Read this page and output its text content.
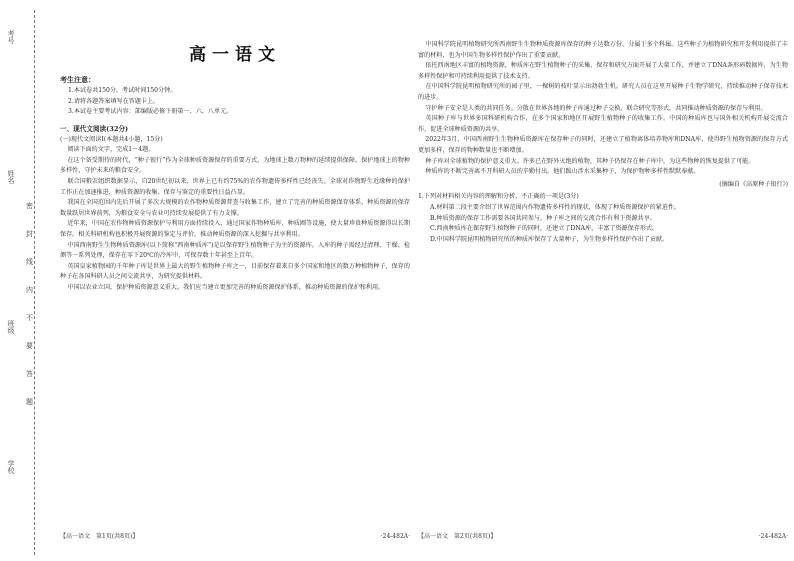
考号
姓名
班级
学校
密
封
线
内
不
要
答
题
高一语文
考生注意：
1.本试卷共150分，考试时间150分钟。
2.请将各题答案填写在答题卡上。
3.本试卷主要考试内容：部编版必修下册第一、六、八单元。
一、现代文阅读(32分)
(一)现代文阅读Ⅰ(本题共4小题，15分)

阅读下面的文字，完成1～4题。

在这个备受期待的时代，“种子银行”作为全球种质资源保存的重要方式，为地球上数万物种的延续提供保障。保护地球上的物种多样性，守护未来的粮食安全。

联合国粮农组织数据显示，自20世纪初以来，世界上已有约75%的农作物遗传多样性已经丧失。全球对作物野生近缘种的保护工作正在加速推进，种质资源的收集、保存与鉴定的重要性日益凸显。

我国在全国范围内先后开展了多次大规模的农作物种质资源普查与收集工作，建立了完善的种质资源保存体系，种质资源的保存数量跃居世界前列，为粮食安全与农业可持续发展提供了有力支撑。

近年来，中国在农作物种质资源保护与利用方面持续投入，通过国家作物种质库、种质圃等设施，使大量珍贵种质资源得以长期保存。相关科研机构也积极开展资源的鉴定与评价，推动种质资源的深入挖掘与共享利用。

中国西南野生生物种质资源库(以下简称“西南种质库”)是以保存野生植物种子为主的资源库。入库的种子需经过清理、干燥、检测等一系列处理，保存在零下20℃的冷库中，可保存数十年甚至上百年。

英国皇家植物园的千年种子库是世界上最大的野生植物种子库之一，目前保存着来自多个国家和地区的数万种植物种子，保存的种子在各国科研人员之间交流共享，为研究提供材料。

中国以农业立国，保护种质资源意义重大。我们应当建立更加完善的种质资源保护体系，推动种质资源的保护和利用。

【高一语文　第1页(共8页)】	·24-482A·

中国科学院昆明植物研究所西南野生生物种质资源库保存的种子达数万份，分属于多个科属。这些种子为植物研究和开发利用提供了丰富的材料，也为中国生物多样性保护作出了重要贡献。

依托西南地区丰富的植物资源，种质库在野生植物种子的采集、保存和研究方面开展了大量工作，并建立了DNA条形码数据库，为生物多样性保护和可持续利用提供了技术支持。

在中国科学院昆明植物研究所的园子里，一棵树的枝叶显示出勃勃生机。研究人员在这里开展种子生物学研究，持续推动种子保存技术的进步。

守护种子安全是人类的共同任务。分散在世界各地的种子库通过种子交换、联合研究等形式，共同推动种质资源的保存与利用。

英国种子库与世界多国科研机构合作，在多个国家和地区开展野生植物种子的收集工作。中国的种质库也与国外相关机构开展交流合作，促进全球种质资源的共享。

2022年3月，中国西南野生生物种质资源库在保存种子的同时，还建立了植物离体培养物库和DNA库，使得野生植物资源的保存方式更加多样，保存的物种数量也不断增加。

种子库对全球植物的保护意义重大。许多已在野外灭绝的植物，其种子仍保存在种子库中，为这些物种的恢复提供了可能。

种质库的不断完善离不开科研人员的辛勤付出。他们跋山涉水采集种子，为保护物种多样性默默奉献。

(摘编自《高原种子银行》)

1.下列对材料相关内容的理解和分析，不正确的一项是(3分)

A.材料第二段主要介绍了世界范围内作物遗传多样性的现状，体现了种质资源保护的紧迫性。

B.种质资源的保存工作需要各国共同参与，种子库之间的交流合作有利于资源共享。

C.西南种质库在保存野生植物种子的同时，还建立了DNA库，丰富了资源保存形式。

D.中国科学院昆明植物研究所的种质库保存了大量种子，为生物多样性保护作出了贡献。

【高一语文　第2页(共8页)】	·24-482A·
